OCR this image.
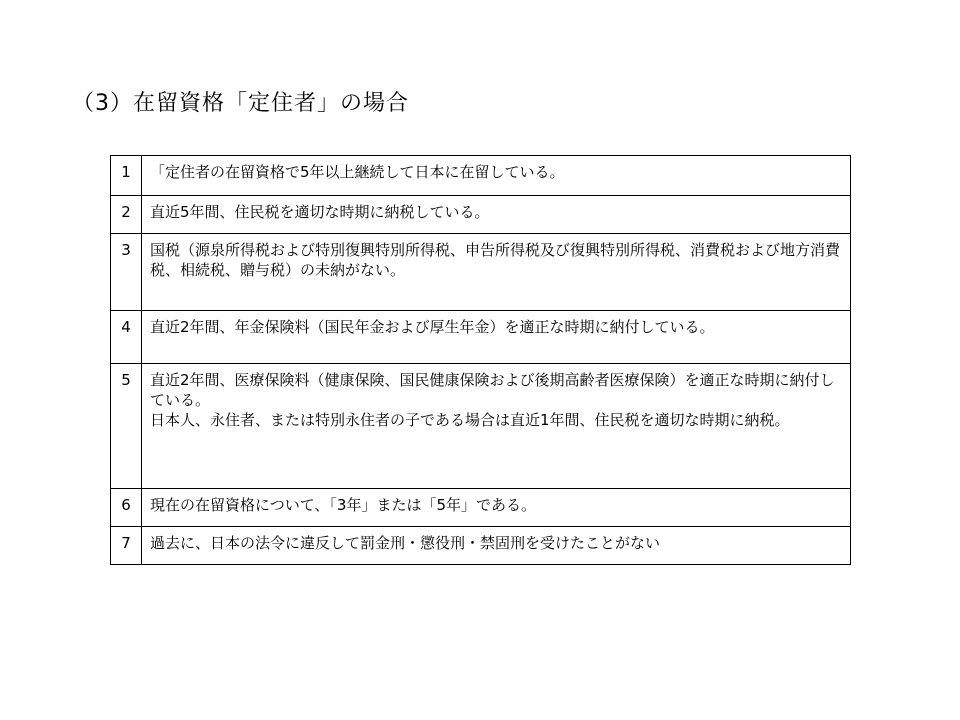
（3）在留資格「定住者」の場合
1	「定住者の在留資格で5年以上継続して日本に在留している。
2	直近5年間、住民税を適切な時期に納税している。
3	国税（源泉所得税および特別復興特別所得税、申告所得税及び復興特別所得税、消費税および地方消費税、相続税、贈与税）の未納がない。
4	直近2年間、年金保険料（国民年金および厚生年金）を適正な時期に納付している。
5	直近2年間、医療保険料（健康保険、国民健康保険および後期高齢者医療保険）を適正な時期に納付している。
日本人、永住者、または特別永住者の子である場合は直近1年間、住民税を適切な時期に納税。
6	現在の在留資格について、「3年」または「5年」である。
7	過去に、日本の法令に違反して罰金刑・懲役刑・禁固刑を受けたことがない
